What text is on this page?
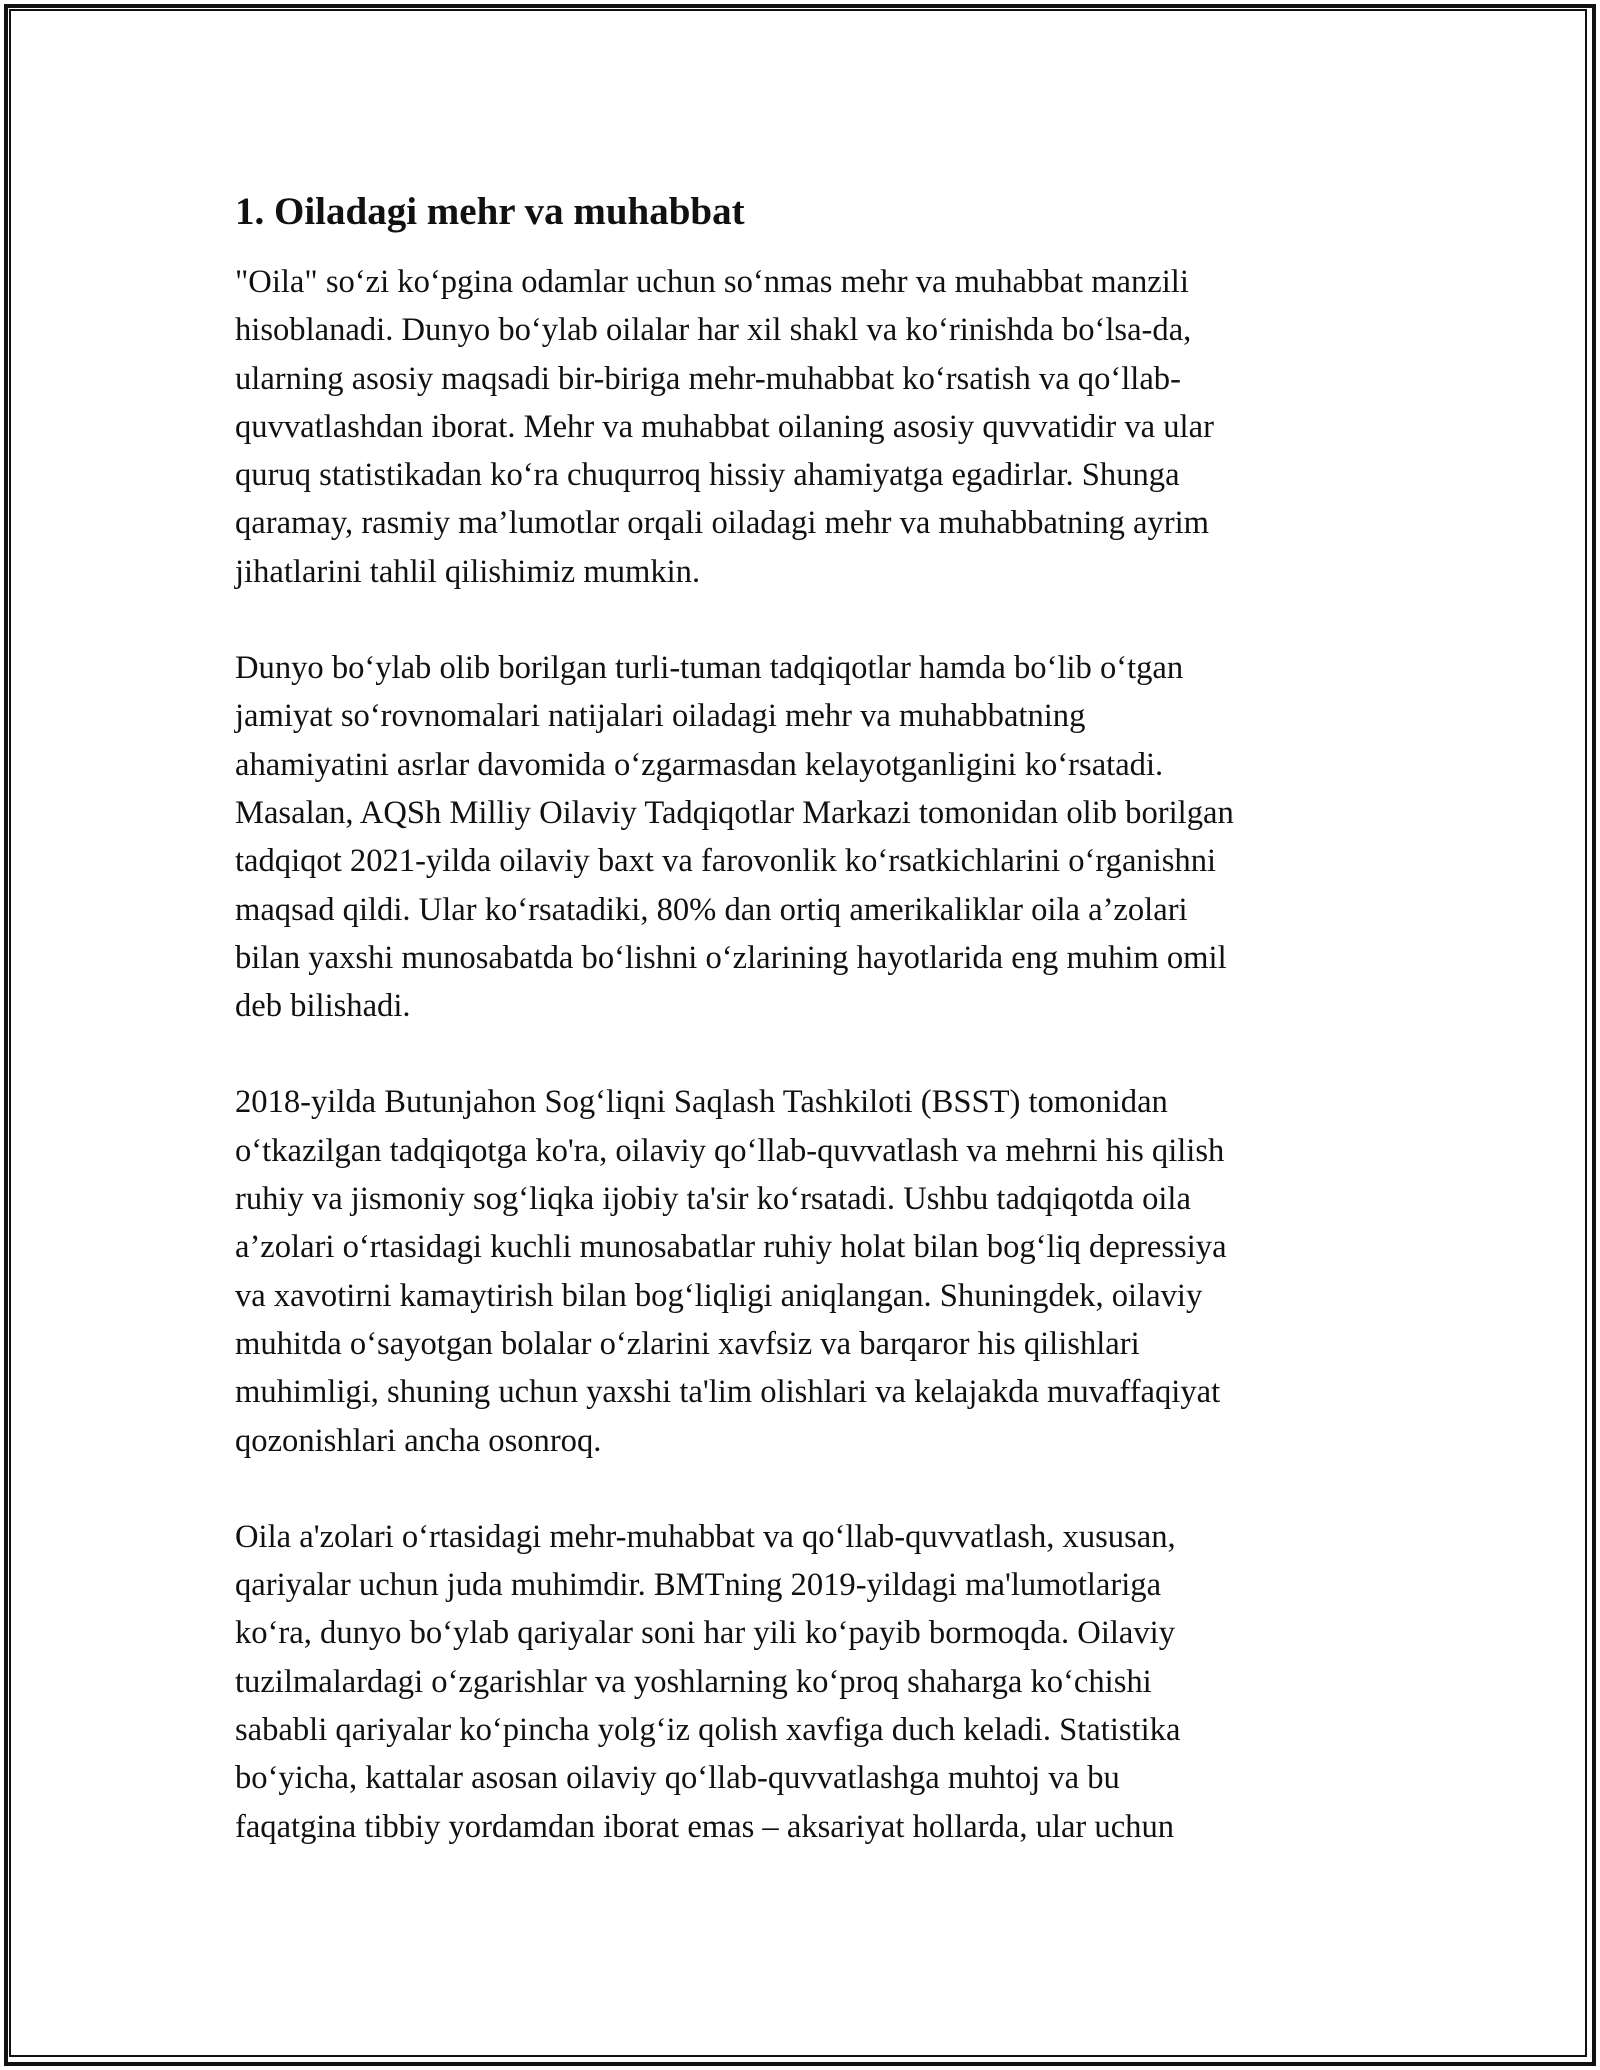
1. Oiladagi mehr va muhabbat

"Oila" so‘zi ko‘pgina odamlar uchun so‘nmas mehr va muhabbat manzili
hisoblanadi. Dunyo bo‘ylab oilalar har xil shakl va ko‘rinishda bo‘lsa-da,
ularning asosiy maqsadi bir-biriga mehr-muhabbat ko‘rsatish va qo‘llab-
quvvatlashdan iborat. Mehr va muhabbat oilaning asosiy quvvatidir va ular
quruq statistikadan ko‘ra chuqurroq hissiy ahamiyatga egadirlar. Shunga
qaramay, rasmiy ma’lumotlar orqali oiladagi mehr va muhabbatning ayrim
jihatlarini tahlil qilishimiz mumkin.

Dunyo bo‘ylab olib borilgan turli-tuman tadqiqotlar hamda bo‘lib o‘tgan
jamiyat so‘rovnomalari natijalari oiladagi mehr va muhabbatning
ahamiyatini asrlar davomida o‘zgarmasdan kelayotganligini ko‘rsatadi.
Masalan, AQSh Milliy Oilaviy Tadqiqotlar Markazi tomonidan olib borilgan
tadqiqot 2021-yilda oilaviy baxt va farovonlik ko‘rsatkichlarini o‘rganishni
maqsad qildi. Ular ko‘rsatadiki, 80% dan ortiq amerikaliklar oila a’zolari
bilan yaxshi munosabatda bo‘lishni o‘zlarining hayotlarida eng muhim omil
deb bilishadi.

2018-yilda Butunjahon Sog‘liqni Saqlash Tashkiloti (BSST) tomonidan
o‘tkazilgan tadqiqotga ko'ra, oilaviy qo‘llab-quvvatlash va mehrni his qilish
ruhiy va jismoniy sog‘liqka ijobiy ta'sir ko‘rsatadi. Ushbu tadqiqotda oila
a’zolari o‘rtasidagi kuchli munosabatlar ruhiy holat bilan bog‘liq depressiya
va xavotirni kamaytirish bilan bog‘liqligi aniqlangan. Shuningdek, oilaviy
muhitda o‘sayotgan bolalar o‘zlarini xavfsiz va barqaror his qilishlari
muhimligi, shuning uchun yaxshi ta'lim olishlari va kelajakda muvaffaqiyat
qozonishlari ancha osonroq.

Oila a'zolari o‘rtasidagi mehr-muhabbat va qo‘llab-quvvatlash, xususan,
qariyalar uchun juda muhimdir. BMTning 2019-yildagi ma'lumotlariga
ko‘ra, dunyo bo‘ylab qariyalar soni har yili ko‘payib bormoqda. Oilaviy
tuzilmalardagi o‘zgarishlar va yoshlarning ko‘proq shaharga ko‘chishi
sababli qariyalar ko‘pincha yolg‘iz qolish xavfiga duch keladi. Statistika
bo‘yicha, kattalar asosan oilaviy qo‘llab-quvvatlashga muhtoj va bu
faqatgina tibbiy yordamdan iborat emas – aksariyat hollarda, ular uchun
